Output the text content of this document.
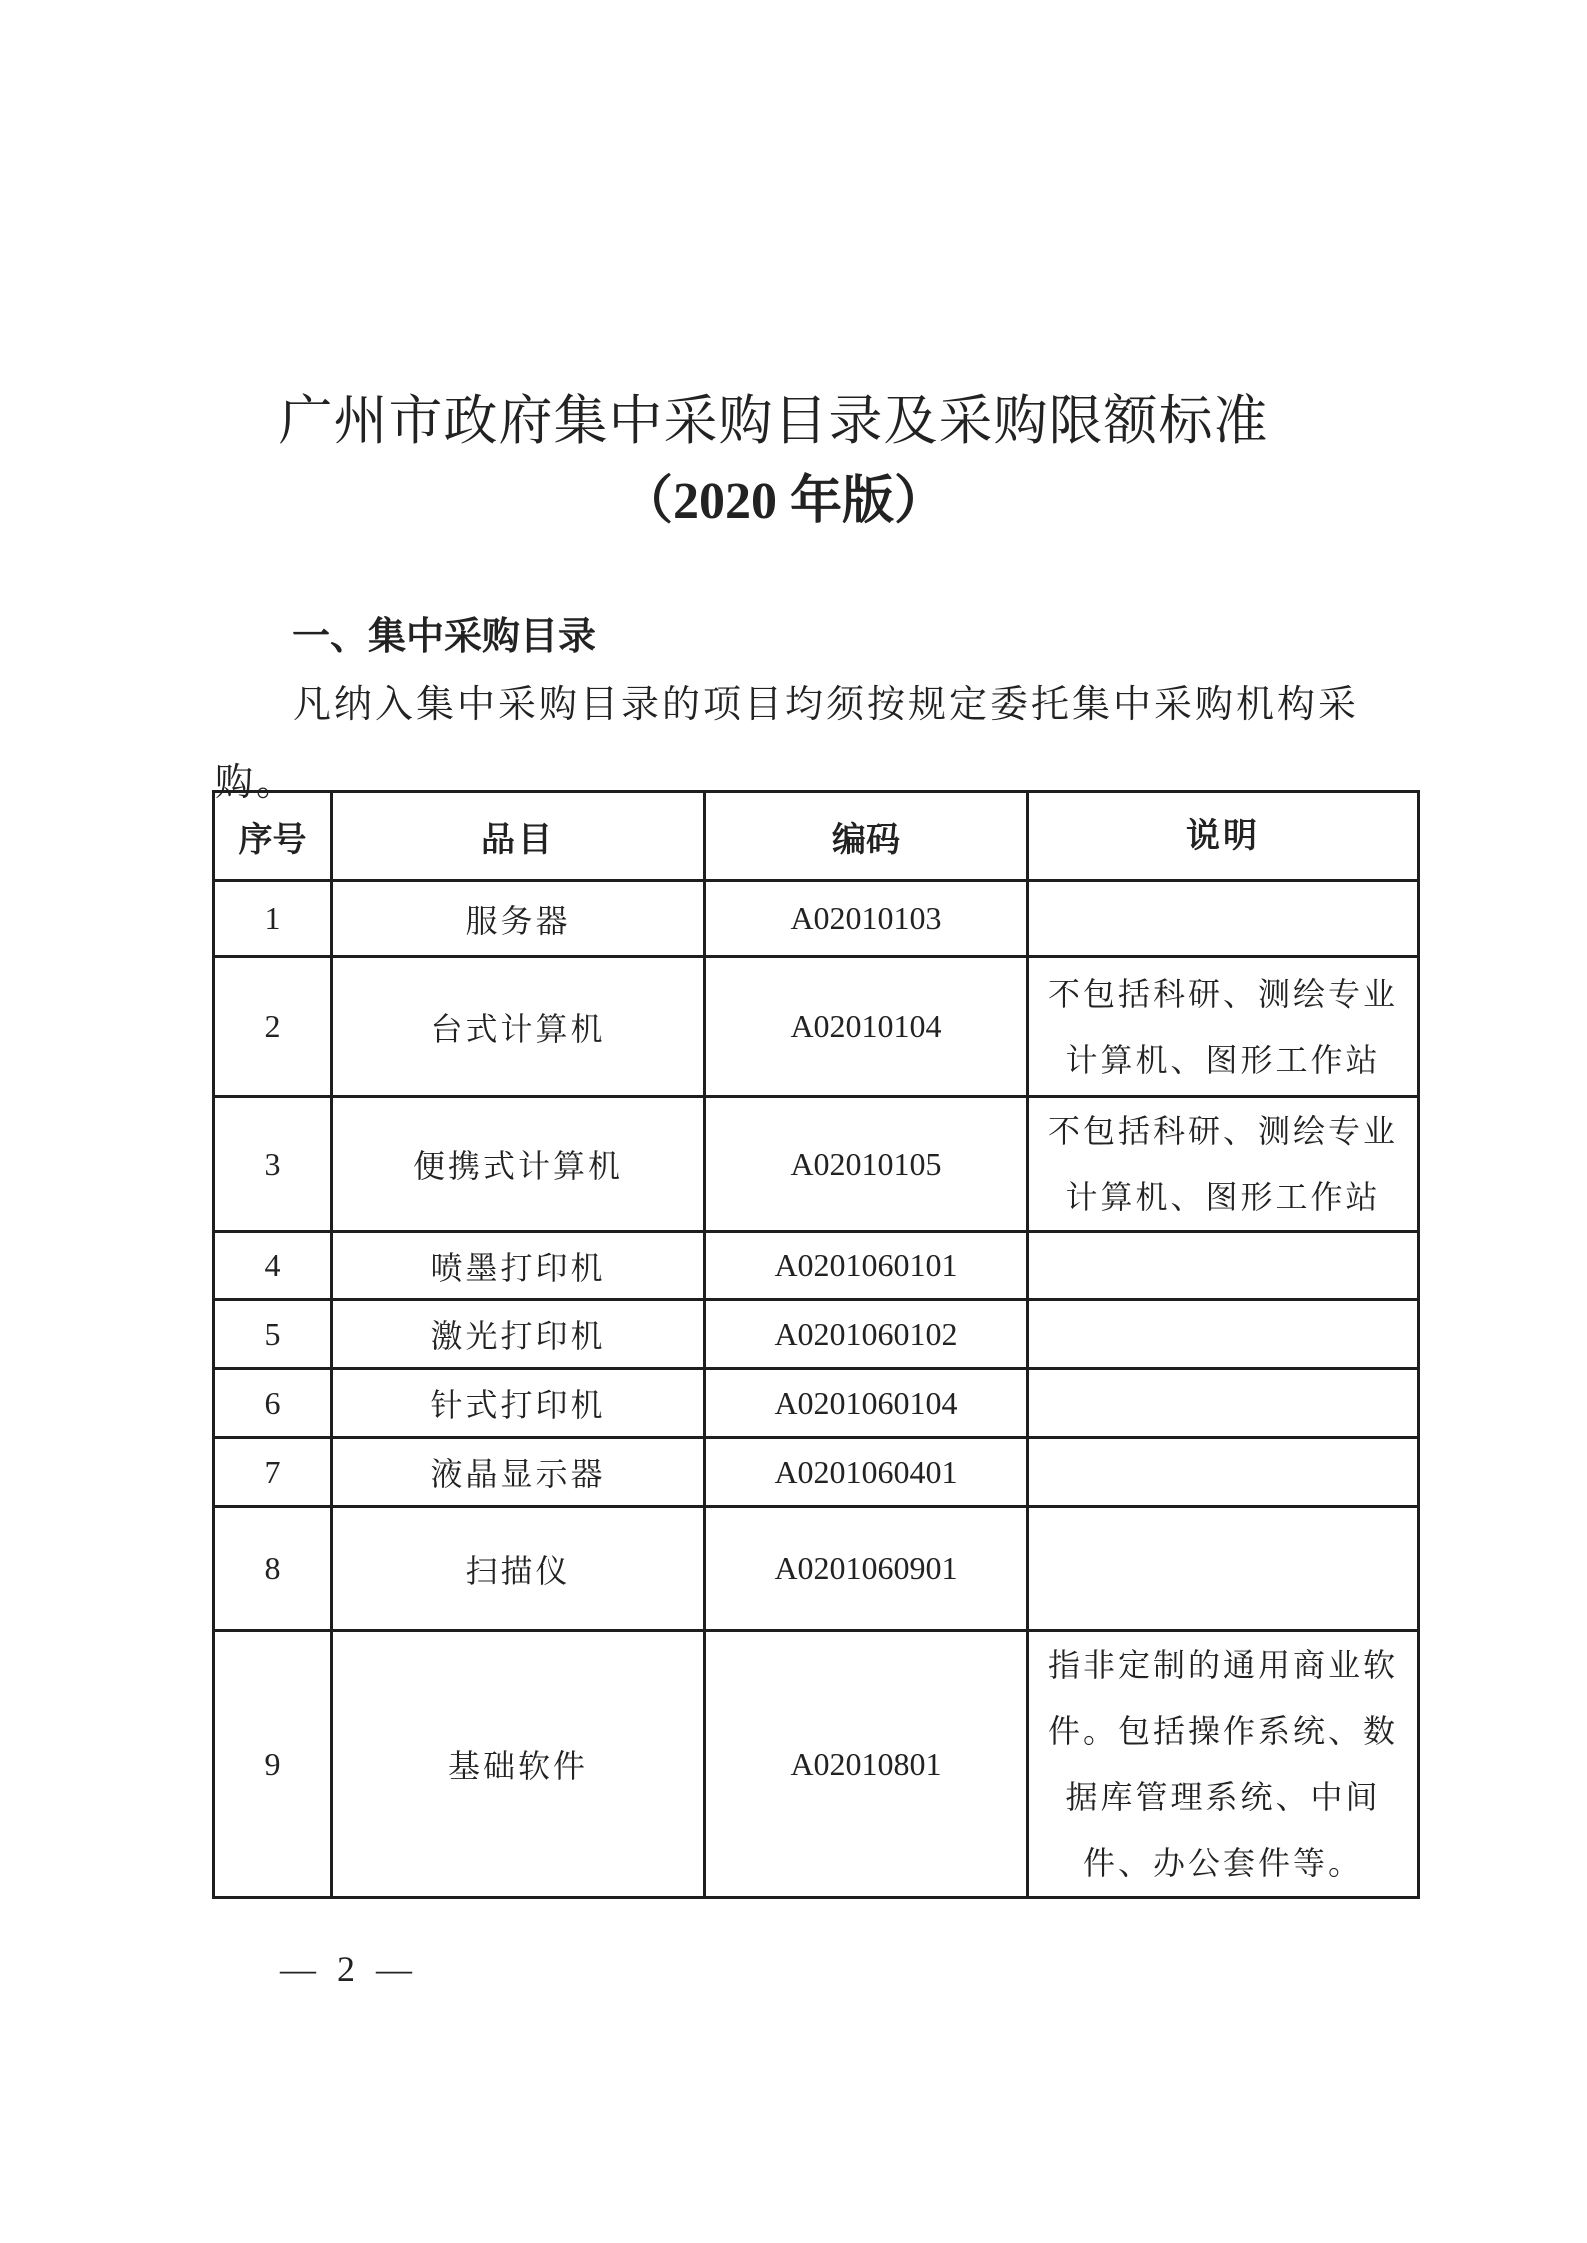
广州市政府集中采购目录及采购限额标准
（2020 年版）
一、集中采购目录
凡纳入集中采购目录的项目均须按规定委托集中采购机构采购。
序号	品目	编码	说明
1	服务器	A02010103	
2	台式计算机	A02010104	不包括科研、测绘专业计算机、图形工作站
3	便携式计算机	A02010105	不包括科研、测绘专业计算机、图形工作站
4	喷墨打印机	A0201060101	
5	激光打印机	A0201060102	
6	针式打印机	A0201060104	
7	液晶显示器	A0201060401	
8	扫描仪	A0201060901	
9	基础软件	A02010801	指非定制的通用商业软件。包括操作系统、数据库管理系统、中间件、办公套件等。
— 2 —
